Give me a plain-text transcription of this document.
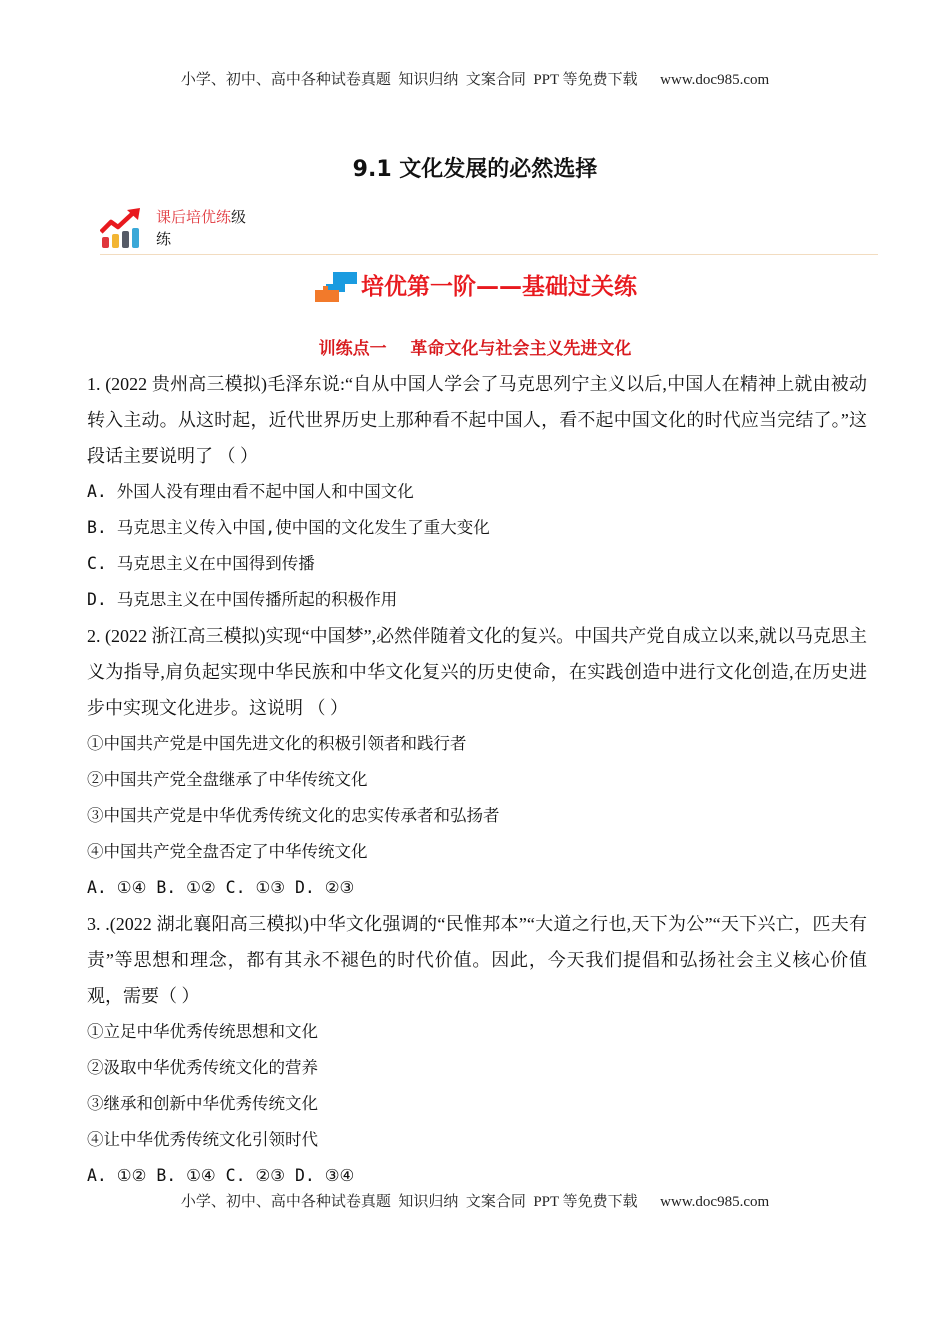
小学、初中、高中各种试卷真题  知识归纳  文案合同  PPT 等免费下载      www.doc985.com
9.1 文化发展的必然选择
课后培优练级
练
培优第一阶——基础过关练
训练点一    革命文化与社会主义先进文化

1. (2022 贵州高三模拟)毛泽东说:“自从中国人学会了马克思列宁主义以后,中国人在精神上就由被动转入主动。从这时起，近代世界历史上那种看不起中国人，看不起中国文化的时代应当完结了。”这段话主要说明了 （ ）

A. 外国人没有理由看不起中国人和中国文化

B. 马克思主义传入中国,使中国的文化发生了重大变化

C. 马克思主义在中国得到传播

D. 马克思主义在中国传播所起的积极作用

2. (2022 浙江高三模拟)实现“中国梦”,必然伴随着文化的复兴。中国共产党自成立以来,就以马克思主义为指导,肩负起实现中华民族和中华文化复兴的历史使命，在实践创造中进行文化创造,在历史进步中实现文化进步。这说明 （ ）

①中国共产党是中国先进文化的积极引领者和践行者

②中国共产党全盘继承了中华传统文化

③中国共产党是中华优秀传统文化的忠实传承者和弘扬者

④中国共产党全盘否定了中华传统文化

A. ①④ B. ①② C. ①③ D. ②③

3. .(2022 湖北襄阳高三模拟)中华文化强调的“民惟邦本”“大道之行也,天下为公”“天下兴亡，匹夫有责”等思想和理念，都有其永不褪色的时代价值。因此，今天我们提倡和弘扬社会主义核心价值观，需要（ ）

①立足中华优秀传统思想和文化

②汲取中华优秀传统文化的营养

③继承和创新中华优秀传统文化

④让中华优秀传统文化引领时代

A. ①② B. ①④ C. ②③ D. ③④

小学、初中、高中各种试卷真题  知识归纳  文案合同  PPT 等免费下载      www.doc985.com
